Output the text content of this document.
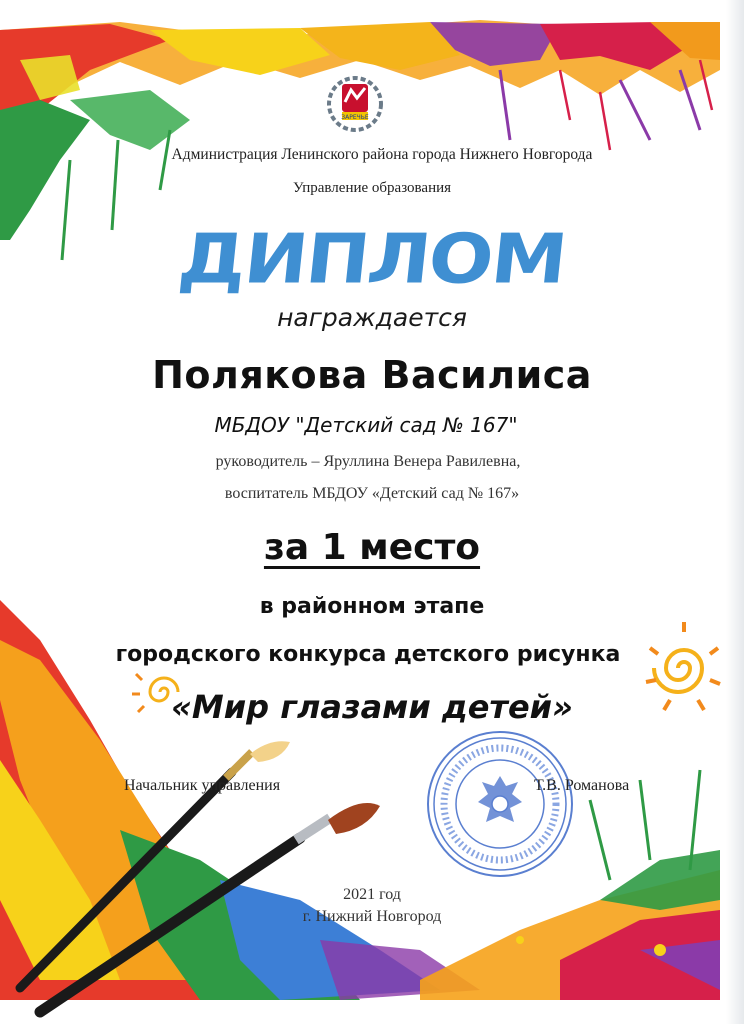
ЗАРЕЧЬЕ

Администрация Ленинского района города Нижнего Новгорода

Управление образования

ДИПЛОМ

награждается

Полякова Василиса

МБДОУ "Детский сад № 167"

руководитель – Яруллина Венера Равилевна,

воспитатель МБДОУ «Детский сад № 167»

за 1 место

в районном этапе

городского конкурса детского рисунка

«Мир глазами детей»

Начальник управления	Т.В. Романова

2021 год

г. Нижний Новгород
